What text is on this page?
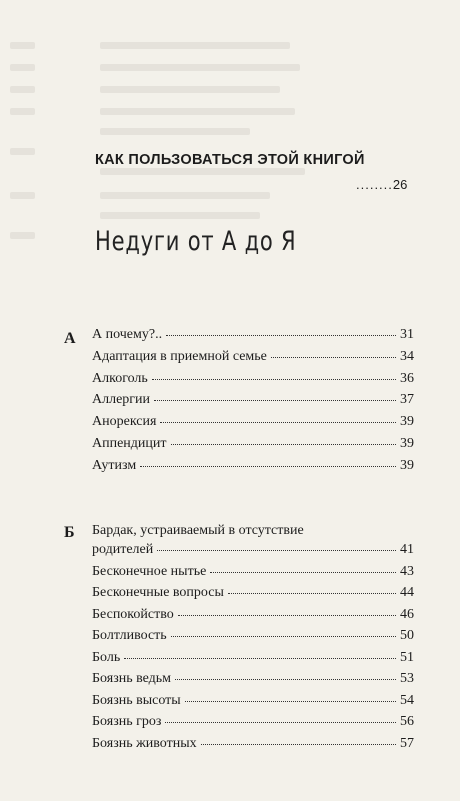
КАК ПОЛЬЗОВАТЬСЯ ЭТОЙ КНИГОЙ
........26
Недуги от А до Я
А А почему?..	31
Адаптация в приемной семье	34
Алкоголь	36
Аллергии	37
Анорексия	39
Аппендицит	39
Аутизм	39
Б Бардак, устраиваемый в отсутствие
родителей	41
Бесконечное нытье	43
Бесконечные вопросы	44
Беспокойство	46
Болтливость	50
Боль	51
Боязнь ведьм	53
Боязнь высоты	54
Боязнь гроз	56
Боязнь животных	57
